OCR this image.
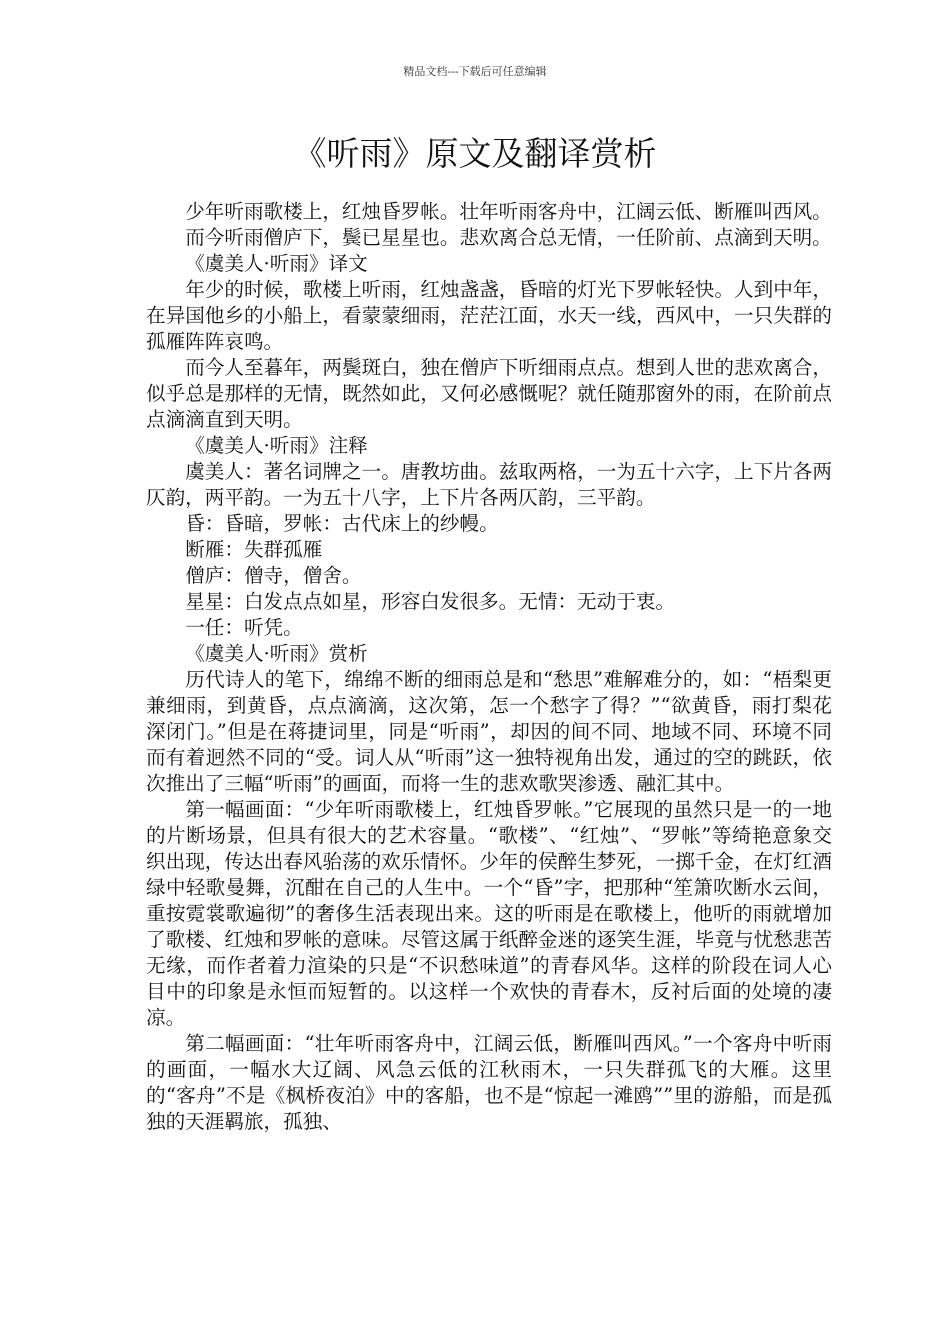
精品文档---下载后可任意编辑
《听雨》原文及翻译赏析

少年听雨歌楼上，红烛昏罗帐。壮年听雨客舟中，江阔云低、断雁叫西风。

而今听雨僧庐下，鬓已星星也。悲欢离合总无情，一任阶前、点滴到天明。

《虞美人·听雨》译文

年少的时候，歌楼上听雨，红烛盏盏，昏暗的灯光下罗帐轻快。人到中年，在异国他乡的小船上，看蒙蒙细雨，茫茫江面，水天一线，西风中，一只失群的孤雁阵阵哀鸣。

而今人至暮年，两鬓斑白，独在僧庐下听细雨点点。想到人世的悲欢离合，似乎总是那样的无情，既然如此，又何必感慨呢？就任随那窗外的雨，在阶前点点滴滴直到天明。

《虞美人·听雨》注释

虞美人：著名词牌之一。唐教坊曲。兹取两格，一为五十六字，上下片各两仄韵，两平韵。一为五十八字，上下片各两仄韵，三平韵。

昏：昏暗，罗帐：古代床上的纱幔。

断雁：失群孤雁

僧庐：僧寺，僧舍。

星星：白发点点如星，形容白发很多。无情：无动于衷。

一任：听凭。

《虞美人·听雨》赏析

历代诗人的笔下，绵绵不断的细雨总是和“愁思”难解难分的，如：“梧梨更兼细雨，到黄昏，点点滴滴，这次第，怎一个愁字了得？”“欲黄昏，雨打梨花深闭门。”但是在蒋捷词里，同是“听雨”，却因的间不同、地域不同、环境不同而有着迥然不同的“受。词人从“听雨”这一独特视角出发，通过的空的跳跃，依次推出了三幅“听雨”的画面，而将一生的悲欢歌哭渗透、融汇其中。

第一幅画面：“少年听雨歌楼上，红烛昏罗帐。”它展现的虽然只是一的一地的片断场景，但具有很大的艺术容量。“歌楼”、“红烛”、“罗帐”等绮艳意象交织出现，传达出春风骀荡的欢乐情怀。少年的侯醉生梦死，一掷千金，在灯红酒绿中轻歌曼舞，沉酣在自己的人生中。一个“昏”字，把那种“笙箫吹断水云间，重按霓裳歌遍彻”的奢侈生活表现出来。这的听雨是在歌楼上，他听的雨就增加了歌楼、红烛和罗帐的意味。尽管这属于纸醉金迷的逐笑生涯，毕竟与忧愁悲苦无缘，而作者着力渲染的只是“不识愁味道”的青春风华。这样的阶段在词人心目中的印象是永恒而短暂的。以这样一个欢快的青春木，反衬后面的处境的凄凉。

第二幅画面：“壮年听雨客舟中，江阔云低，断雁叫西风。”一个客舟中听雨的画面，一幅水大辽阔、风急云低的江秋雨木，一只失群孤飞的大雁。这里的“客舟”不是《枫桥夜泊》中的客船，也不是“惊起一滩鸥””里的游船，而是孤独的天涯羁旅，孤独、
